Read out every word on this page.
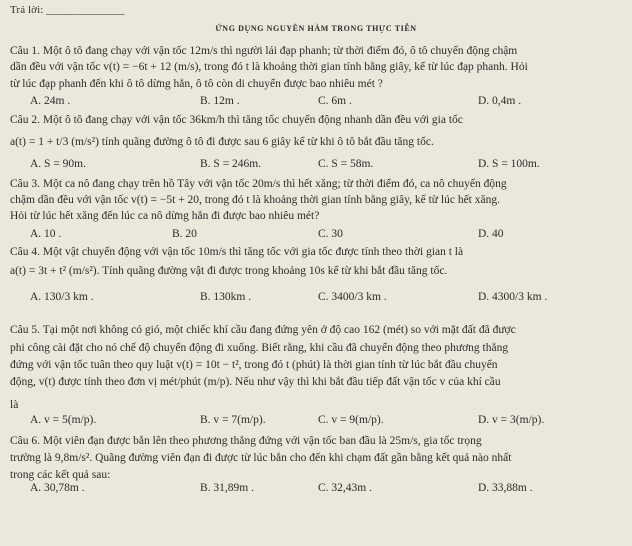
Trả lời: ______________
ỨNG DỤNG NGUYÊN HÀM TRONG THỰC TIỄN
Câu 1. Một ô tô đang chạy với vận tốc 12m/s thì người lái đạp phanh; từ thời điểm đó, ô tô chuyển động chậm
dần đều với vận tốc v(t) = −6t + 12 (m/s), trong đó t là khoảng thời gian tính bằng giây, kể từ lúc đạp phanh. Hỏi
từ lúc đạp phanh đến khi ô tô dừng hẳn, ô tô còn di chuyển được bao nhiêu mét ?
A. 24m .	B. 12m .	C. 6m .	D. 0,4m .
Câu 2. Một ô tô đang chạy với vận tốc 36km/h thì tăng tốc chuyển động nhanh dần đều với gia tốc
a(t) = 1 + t/3 (m/s²) tính quãng đường ô tô đi được sau 6 giây kể từ khi ô tô bắt đầu tăng tốc.
A. S = 90m.	B. S = 246m.	C. S = 58m.	D. S = 100m.
Câu 3. Một ca nô đang chạy trên hồ Tây với vận tốc 20m/s thì hết xăng; từ thời điểm đó, ca nô chuyển động
chậm dần đều với vận tốc v(t) = −5t + 20, trong đó t là khoảng thời gian tính bằng giây, kể từ lúc hết xăng.
Hỏi từ lúc hết xăng đến lúc ca nô dừng hẳn đi được bao nhiêu mét?
A. 10 .	B. 20	C. 30	D. 40
Câu 4. Một vật chuyển động với vận tốc 10m/s thì tăng tốc với gia tốc được tính theo thời gian t là
a(t) = 3t + t² (m/s²). Tính quãng đường vật đi được trong khoảng 10s kể từ khi bắt đầu tăng tốc.
A. 130/3 km .	B. 130km .	C. 3400/3 km .	D. 4300/3 km .
Câu 5. Tại một nơi không có gió, một chiếc khí cầu đang đứng yên ở độ cao 162 (mét) so với mặt đất đã được
phi công cài đặt cho nó chế độ chuyển động đi xuống. Biết rằng, khi cầu đã chuyển động theo phương thẳng
đứng với vận tốc tuân theo quy luật v(t) = 10t − t², trong đó t (phút) là thời gian tính từ lúc bắt đầu chuyển
động, v(t) được tính theo đơn vị mét/phút (m/p). Nếu như vậy thì khi bắt đầu tiếp đất vận tốc v của khí cầu
là
A. v = 5(m/p).	B. v = 7(m/p).	C. v = 9(m/p).	D. v = 3(m/p).
Câu 6. Một viên đạn được bắn lên theo phương thẳng đứng với vận tốc ban đầu là 25m/s, gia tốc trọng
trường là 9,8m/s². Quãng đường viên đạn đi được từ lúc bắn cho đến khi chạm đất gần bằng kết quả nào nhất
trong các kết quả sau:
A. 30,78m .	B. 31,89m .	C. 32,43m .	D. 33,88m .
